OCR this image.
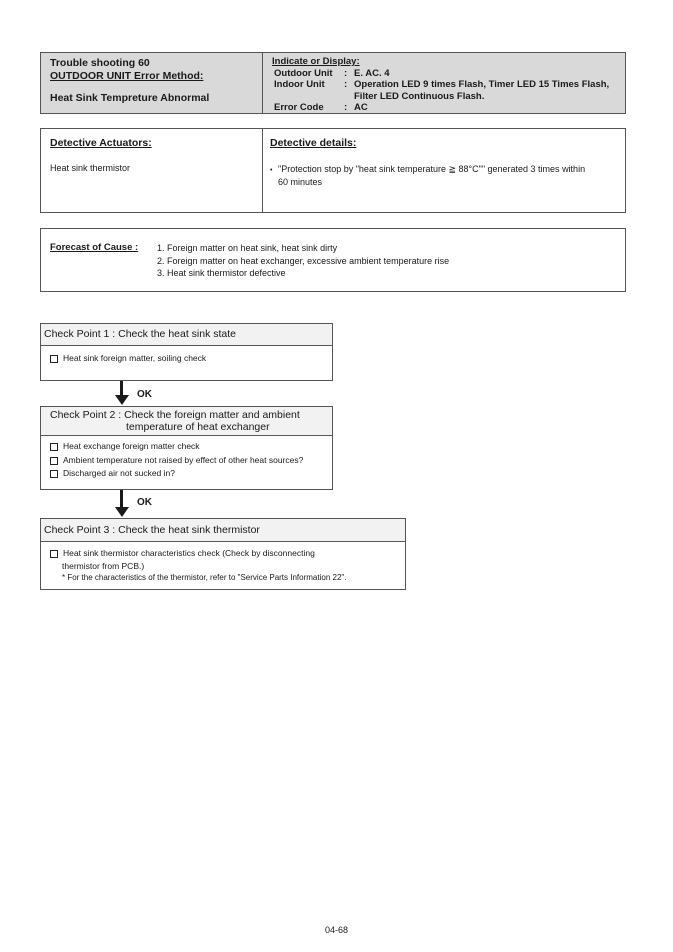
Trouble shooting 60
OUTDOOR UNIT Error Method:
Heat Sink Tempreture Abnormal
Indicate or Display:
Outdoor Unit	: E. AC. 4
Indoor Unit	: Operation LED 9 times Flash, Timer LED 15 Times Flash,
Filter LED Continuous Flash.
Error Code	: AC
Detective Actuators:
Heat sink thermistor
Detective details:
• "Protection stop by "heat sink temperature ≧ 88°C"" generated 3 times within
60 minutes
Forecast of Cause :	1. Foreign matter on heat sink, heat sink dirty
2. Foreign matter on heat exchanger, excessive ambient temperature rise
3. Heat sink thermistor defective
Check Point 1 : Check the heat sink state
Heat sink foreign matter, soiling check
OK
Check Point 2 : Check the foreign matter and ambient
temperature of heat exchanger
Heat exchange foreign matter check
Ambient temperature not raised by effect of other heat sources?
Discharged air not sucked in?
OK
Check Point 3 : Check the heat sink thermistor
Heat sink thermistor characteristics check (Check by disconnecting
thermistor from PCB.)
* For the characteristics of the thermistor, refer to "Service Parts Information 22".
04-68
